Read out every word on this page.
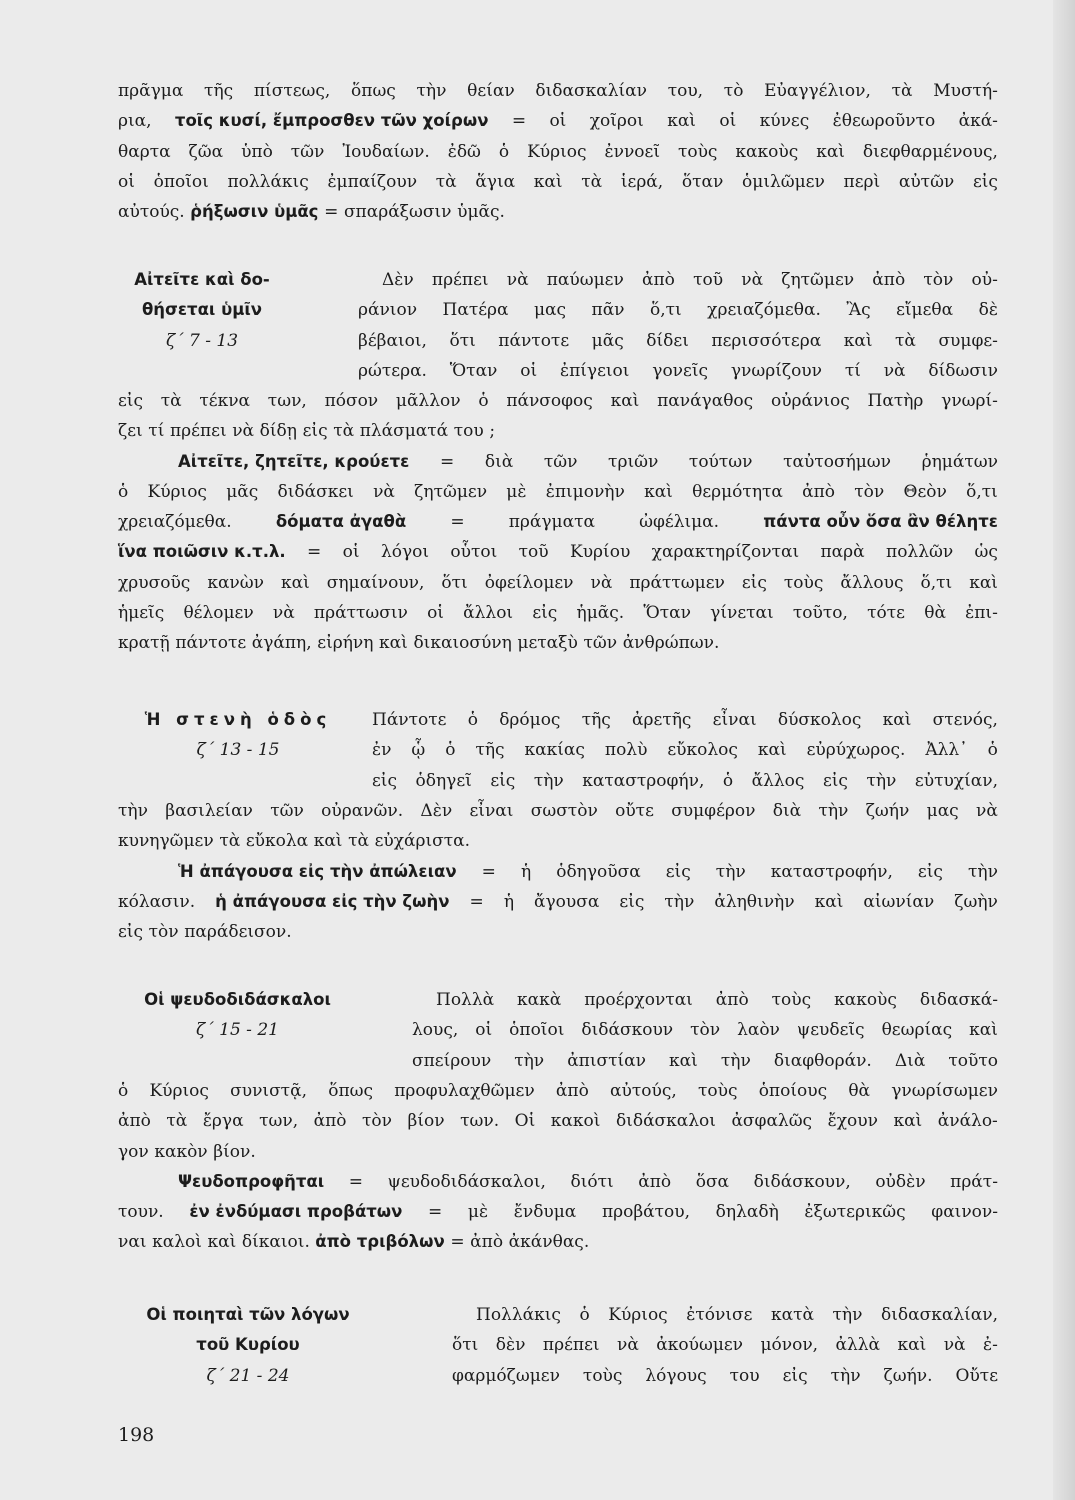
πρᾶγμα τῆς πίστεως, ὅπως τὴν θείαν διδασκαλίαν του, τὸ Εὐαγγέλιον, τὰ Μυστή-
ρια, τοῖς κυσί, ἔμπροσθεν τῶν χοίρων = οἱ χοῖροι καὶ οἱ κύνες ἐθεωροῦντο ἀκά-
θαρτα ζῶα ὑπὸ τῶν Ἰουδαίων. ἐδῶ ὁ Κύριος ἐννοεῖ τοὺς κακοὺς καὶ διεφθαρμένους,
οἱ ὁποῖοι πολλάκις ἐμπαίζουν τὰ ἅγια καὶ τὰ ἱερά, ὅταν ὁμιλῶμεν περὶ αὐτῶν εἰς
αὐτούς. ῥήξωσιν ὑμᾶς = σπαράξωσιν ὑμᾶς.
Αἰτεῖτε καὶ δο-
θήσεται ὑμῖν
ζ΄ 7 - 13
Δὲν πρέπει νὰ παύωμεν ἀπὸ τοῦ νὰ ζητῶμεν ἀπὸ τὸν οὐ-
ράνιον Πατέρα μας πᾶν ὅ,τι χρειαζόμεθα. Ἂς εἴμεθα δὲ
βέβαιοι, ὅτι πάντοτε μᾶς δίδει περισσότερα καὶ τὰ συμφε-
ρώτερα. Ὅταν οἱ ἐπίγειοι γονεῖς γνωρίζουν τί νὰ δίδωσιν
εἰς τὰ τέκνα των, πόσον μᾶλλον ὁ πάνσοφος καὶ πανάγαθος οὐράνιος Πατὴρ γνωρί-
ζει τί πρέπει νὰ δίδῃ εἰς τὰ πλάσματά του ;
Αἰτεῖτε, ζητεῖτε, κρούετε = διὰ τῶν τριῶν τούτων ταὐτοσήμων ῥημάτων
ὁ Κύριος μᾶς διδάσκει νὰ ζητῶμεν μὲ ἐπιμονὴν καὶ θερμότητα ἀπὸ τὸν Θεὸν ὅ,τι
χρειαζόμεθα.	δόματα ἀγαθὰ	=	πράγματα	ὠφέλιμα.	πάντα οὖν ὅσα ἂν θέλητε
ἵνα ποιῶσιν κ.τ.λ. = οἱ λόγοι οὗτοι τοῦ Κυρίου χαρακτηρίζονται παρὰ πολλῶν ὡς
χρυσοῦς κανὼν καὶ σημαίνουν, ὅτι ὀφείλομεν νὰ πράττωμεν εἰς τοὺς ἄλλους ὅ,τι καὶ
ἡμεῖς θέλομεν νὰ πράττωσιν οἱ ἄλλοι εἰς ἡμᾶς. Ὅταν γίνεται τοῦτο, τότε θὰ ἐπι-
κρατῇ πάντοτε ἀγάπη, εἰρήνη καὶ δικαιοσύνη μεταξὺ τῶν ἀνθρώπων.
Ἡ στενὴ ὁδὸς
ζ΄ 13 - 15
Πάντοτε ὁ δρόμος τῆς ἀρετῆς εἶναι δύσκολος καὶ στενός,
ἐν ᾧ ὁ τῆς κακίας πολὺ εὔκολος καὶ εὐρύχωρος. Ἀλλ᾿ ὁ
εἰς ὁδηγεῖ εἰς τὴν καταστροφήν, ὁ ἄλλος εἰς τὴν εὐτυχίαν,
τὴν βασιλείαν τῶν οὐρανῶν. Δὲν εἶναι σωστὸν οὔτε συμφέρον διὰ τὴν ζωήν μας νὰ
κυνηγῶμεν τὰ εὔκολα καὶ τὰ εὐχάριστα.
Ἡ ἀπάγουσα εἰς τὴν ἀπώλειαν = ἡ ὁδηγοῦσα εἰς τὴν καταστροφήν, εἰς τὴν
κόλασιν. ἡ ἀπάγουσα εἰς τὴν ζωὴν = ἡ ἄγουσα εἰς τὴν ἀληθινὴν καὶ αἰωνίαν ζωὴν
εἰς τὸν παράδεισον.
Οἱ ψευδοδιδάσκαλοι
ζ΄ 15 - 21
Πολλὰ κακὰ προέρχονται ἀπὸ τοὺς κακοὺς διδασκά-
λους, οἱ ὁποῖοι διδάσκουν τὸν λαὸν ψευδεῖς θεωρίας καὶ
σπείρουν τὴν ἀπιστίαν καὶ τὴν διαφθοράν. Διὰ τοῦτο
ὁ Κύριος συνιστᾷ, ὅπως προφυλαχθῶμεν ἀπὸ αὐτούς, τοὺς ὁποίους θὰ γνωρίσωμεν
ἀπὸ τὰ ἔργα των, ἀπὸ τὸν βίον των. Οἱ κακοὶ διδάσκαλοι ἀσφαλῶς ἔχουν καὶ ἀνάλο-
γον κακὸν βίον.
Ψευδοπροφῆται = ψευδοδιδάσκαλοι, διότι ἀπὸ ὅσα διδάσκουν, οὐδὲν πράτ-
τουν. ἐν ἐνδύμασι προβάτων = μὲ ἔνδυμα προβάτου, δηλαδὴ ἐξωτερικῶς φαινον-
ναι καλοὶ καὶ δίκαιοι. ἀπὸ τριβόλων = ἀπὸ ἀκάνθας.
Οἱ ποιηταὶ τῶν λόγων
τοῦ Κυρίου
ζ΄ 21 - 24
Πολλάκις ὁ Κύριος ἐτόνισε κατὰ τὴν διδασκαλίαν,
ὅτι δὲν πρέπει νὰ ἀκούωμεν μόνον, ἀλλὰ καὶ νὰ ἐ-
φαρμόζωμεν τοὺς λόγους του εἰς τὴν ζωήν. Οὔτε
198
